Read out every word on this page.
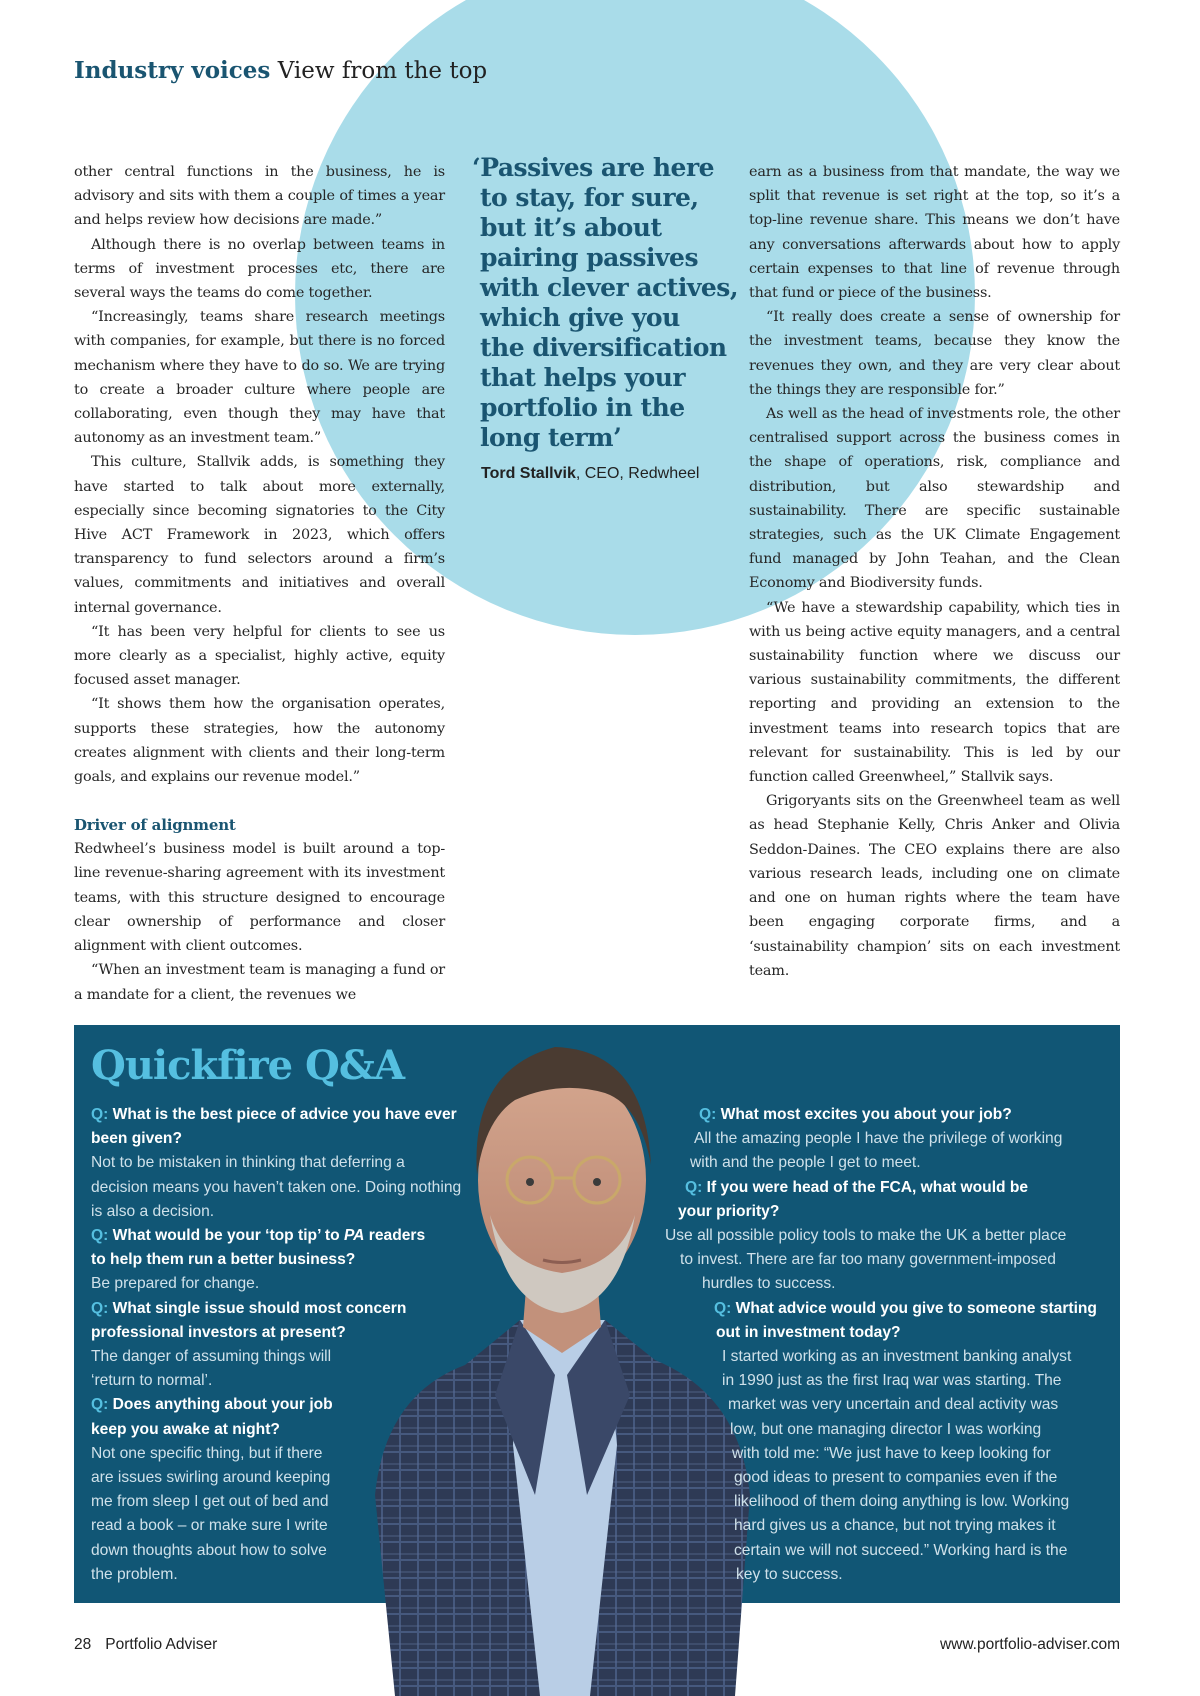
Industry voices View from the top

other central functions in the business, he is advisory and sits with them a couple of times a year and helps review how decisions are made.”

Although there is no overlap between teams in terms of investment processes etc, there are several ways the teams do come together.

“Increasingly, teams share research meetings with companies, for example, but there is no forced mechanism where they have to do so. We are trying to create a broader culture where people are collaborating, even though they may have that autonomy as an investment team.”

This culture, Stallvik adds, is something they have started to talk about more externally, especially since becoming signatories to the City Hive ACT Framework in 2023, which offers transparency to fund selectors around a firm’s values, commitments and initiatives and overall internal governance.

“It has been very helpful for clients to see us more clearly as a specialist, highly active, equity focused asset manager.

“It shows them how the organisation operates, supports these strategies, how the autonomy creates alignment with clients and their long-term goals, and explains our revenue model.”

Driver of alignment

Redwheel’s business model is built around a top-line revenue-sharing agreement with its investment teams, with this structure designed to encourage clear ownership of performance and closer alignment with client outcomes.

“When an investment team is managing a fund or a mandate for a client, the revenues we

‘Passives are here
to stay, for sure,
but it’s about
pairing passives
with clever actives,
which give you
the diversification
that helps your
portfolio in the
long term’
Tord Stallvik, CEO, Redwheel

earn as a business from that mandate, the way we split that revenue is set right at the top, so it’s a top-line revenue share. This means we don’t have any conversations afterwards about how to apply certain expenses to that line of revenue through that fund or piece of the business.

“It really does create a sense of ownership for the investment teams, because they know the revenues they own, and they are very clear about the things they are responsible for.”

As well as the head of investments role, the other centralised support across the business comes in the shape of operations, risk, compliance and distribution, but also stewardship and sustainability. There are specific sustainable strategies, such as the UK Climate Engagement fund managed by John Teahan, and the Clean Economy and Biodiversity funds.

“We have a stewardship capability, which ties in with us being active equity managers, and a central sustainability function where we discuss our various sustainability commitments, the different reporting and providing an extension to the investment teams into research topics that are relevant for sustainability. This is led by our function called Greenwheel,” Stallvik says.

Grigoryants sits on the Greenwheel team as well as head Stephanie Kelly, Chris Anker and Olivia Seddon-Daines. The CEO explains there are also various research leads, including one on climate and one on human rights where the team have been engaging corporate firms, and a ‘sustainability champion’ sits on each investment team.

Quickfire Q&A
Q: What is the best piece of advice you have ever
been given?
Not to be mistaken in thinking that deferring a
decision means you haven’t taken one. Doing nothing
is also a decision.
Q: What would be your ‘top tip’ to PA readers
to help them run a better business?
Be prepared for change.
Q: What single issue should most concern
professional investors at present?
The danger of assuming things will
‘return to normal’.
Q: Does anything about your job
keep you awake at night?
Not one specific thing, but if there
are issues swirling around keeping
me from sleep I get out of bed and
read a book – or make sure I write
down thoughts about how to solve
the problem.
Q: What most excites you about your job?
All the amazing people I have the privilege of working
with and the people I get to meet.
Q: If you were head of the FCA, what would be
your priority?
Use all possible policy tools to make the UK a better place
to invest. There are far too many government-imposed
hurdles to success.
Q: What advice would you give to someone starting
out in investment today?
I started working as an investment banking analyst
in 1990 just as the first Iraq war was starting. The
market was very uncertain and deal activity was
low, but one managing director I was working
with told me: “We just have to keep looking for
good ideas to present to companies even if the
likelihood of them doing anything is low. Working
hard gives us a chance, but not trying makes it
certain we will not succeed.” Working hard is the
key to success.
28 Portfolio Adviser	www.portfolio-adviser.com
